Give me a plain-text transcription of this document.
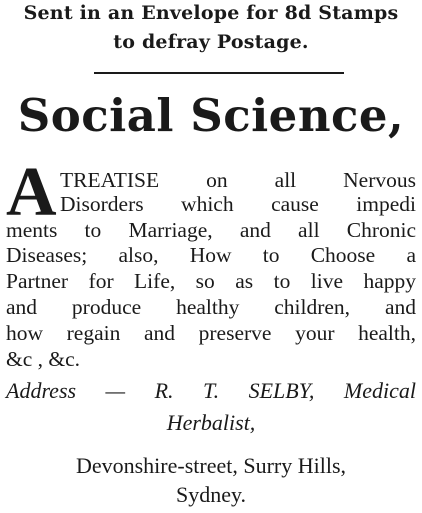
Sent in an Envelope for 8d Stamps
to defray Postage.
Social Science,
A TREATISE on all Nervous
Disorders which cause impedi
ments to Marriage, and all Chronic
Diseases; also, How to Choose a
Partner for Life, so as to live happy
and produce healthy children, and
how regain and preserve your health,
&c , &c.
Address — R. T. SELBY, Medical
Herbalist,
Devonshire-street, Surry Hills,
Sydney.
